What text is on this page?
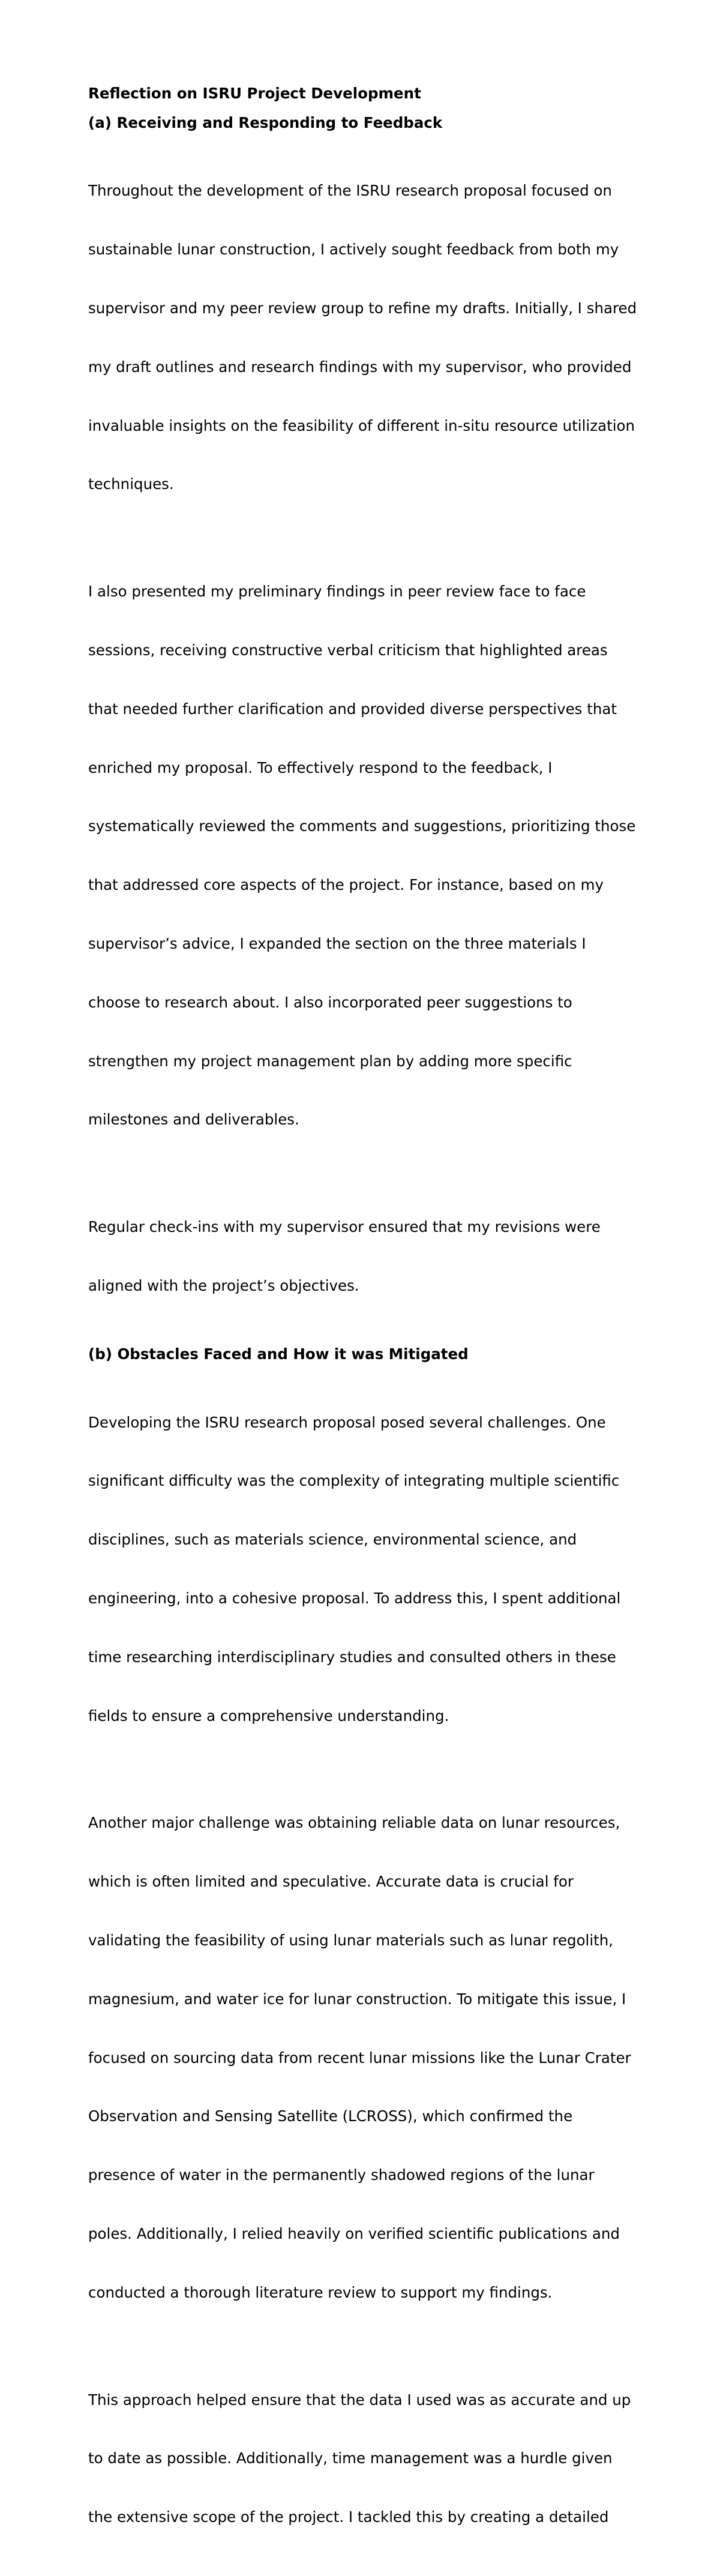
Reflection on ISRU Project Development
(a) Receiving and Responding to Feedback

Throughout the development of the ISRU research proposal focused on

sustainable lunar construction, I actively sought feedback from both my

supervisor and my peer review group to refine my drafts. Initially, I shared

my draft outlines and research findings with my supervisor, who provided

invaluable insights on the feasibility of different in-situ resource utilization

techniques.

I also presented my preliminary findings in peer review face to face

sessions, receiving constructive verbal criticism that highlighted areas

that needed further clarification and provided diverse perspectives that

enriched my proposal. To effectively respond to the feedback, I

systematically reviewed the comments and suggestions, prioritizing those

that addressed core aspects of the project. For instance, based on my

supervisor’s advice, I expanded the section on the three materials I

choose to research about. I also incorporated peer suggestions to

strengthen my project management plan by adding more specific

milestones and deliverables.

Regular check-ins with my supervisor ensured that my revisions were

aligned with the project’s objectives.

(b) Obstacles Faced and How it was Mitigated

Developing the ISRU research proposal posed several challenges. One

significant difficulty was the complexity of integrating multiple scientific

disciplines, such as materials science, environmental science, and

engineering, into a cohesive proposal. To address this, I spent additional

time researching interdisciplinary studies and consulted others in these

fields to ensure a comprehensive understanding.

Another major challenge was obtaining reliable data on lunar resources,

which is often limited and speculative. Accurate data is crucial for

validating the feasibility of using lunar materials such as lunar regolith,

magnesium, and water ice for lunar construction. To mitigate this issue, I

focused on sourcing data from recent lunar missions like the Lunar Crater

Observation and Sensing Satellite (LCROSS), which confirmed the

presence of water in the permanently shadowed regions of the lunar

poles. Additionally, I relied heavily on verified scientific publications and

conducted a thorough literature review to support my findings.

This approach helped ensure that the data I used was as accurate and up

to date as possible. Additionally, time management was a hurdle given

the extensive scope of the project. I tackled this by creating a detailed
